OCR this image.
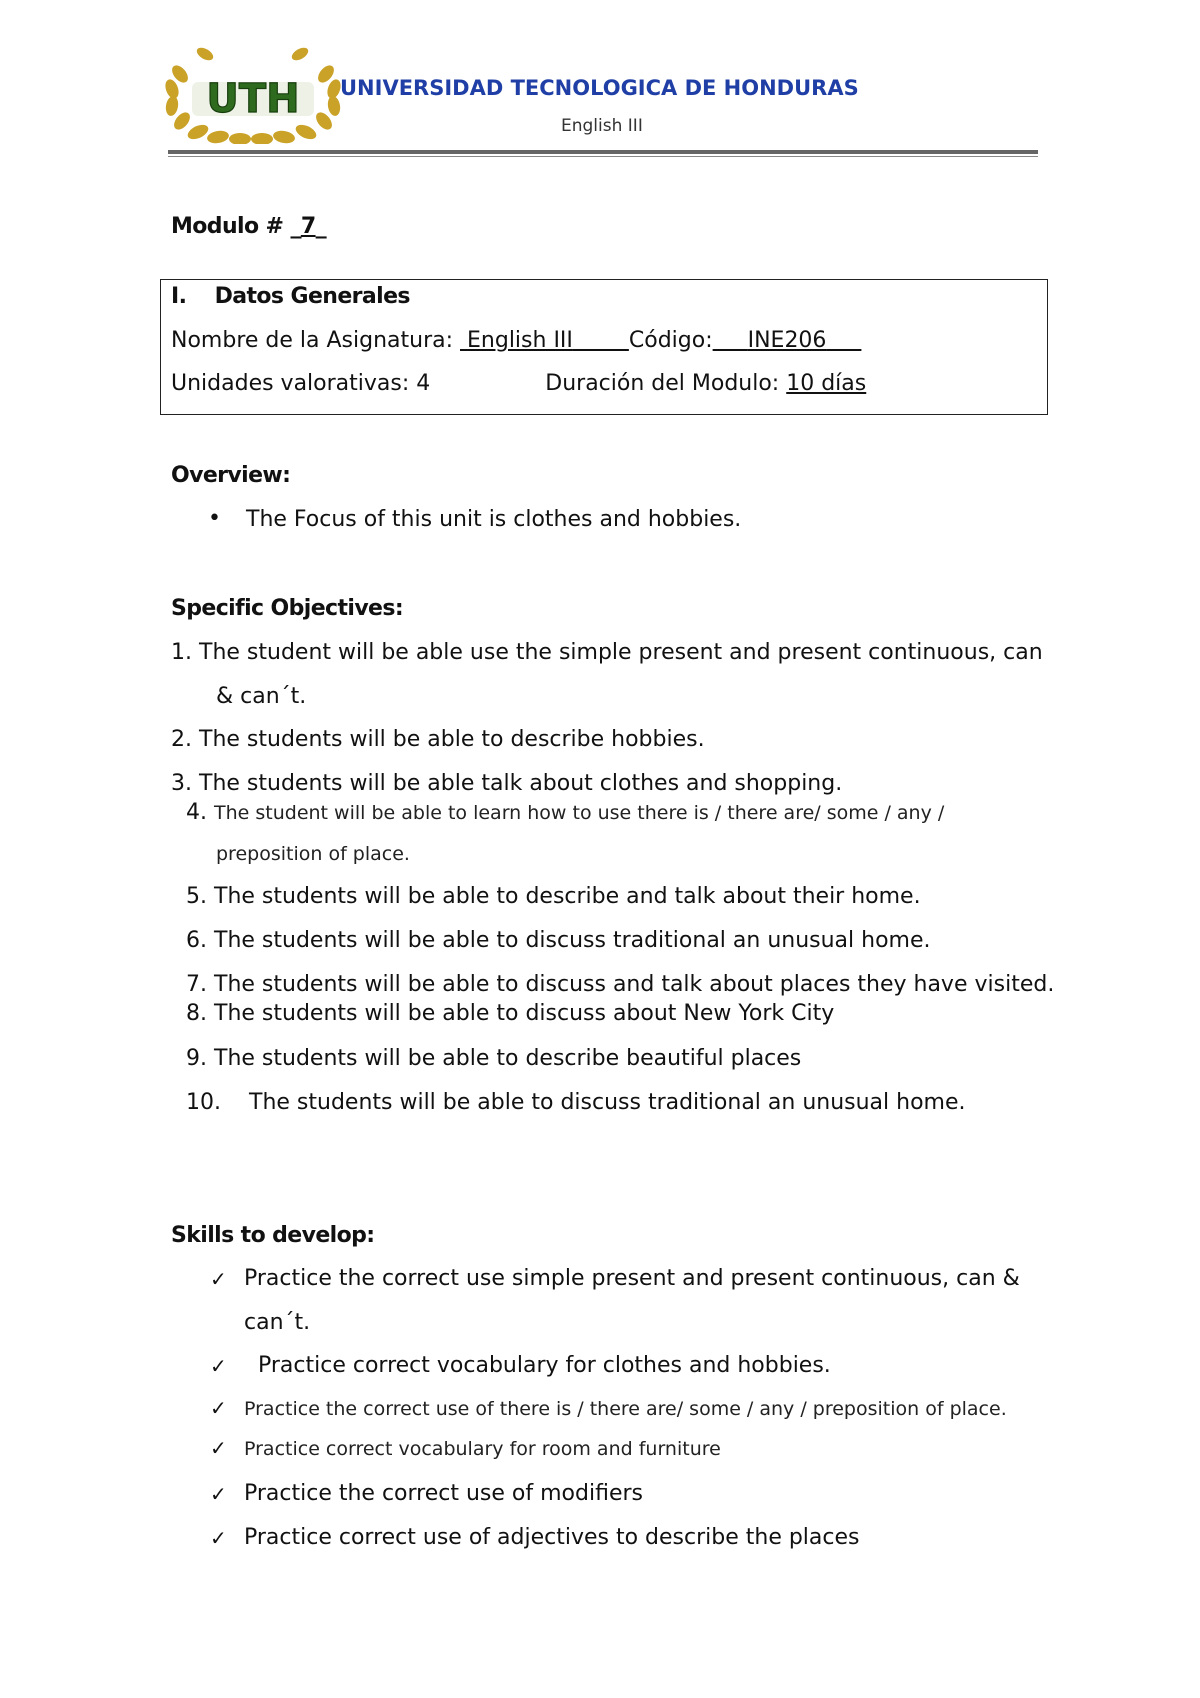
UTH UNIVERSIDAD TECNOLOGICA DE HONDURAS
English III
Modulo # _7_
I. Datos Generales
Nombre de la Asignatura: English III	Código: INE206
Unidades valorativas: 4	Duración del Modulo: 10 días
Overview:
• The Focus of this unit is clothes and hobbies.
Specific Objectives:
1. The student will be able use the simple present and present continuous, can
& can´t.
2. The students will be able to describe hobbies.
3. The students will be able talk about clothes and shopping.
4. The student will be able to learn how to use there is / there are/ some / any /
preposition of place.
5. The students will be able to describe and talk about their home.
6. The students will be able to discuss traditional an unusual home.
7. The students will be able to discuss and talk about places they have visited.
8. The students will be able to discuss about New York City
9. The students will be able to describe beautiful places
10. The students will be able to discuss traditional an unusual home.
Skills to develop:
✓ Practice the correct use simple present and present continuous, can &
can´t.
✓ Practice correct vocabulary for clothes and hobbies.
✓ Practice the correct use of there is / there are/ some / any / preposition of place.
✓ Practice correct vocabulary for room and furniture
✓ Practice the correct use of modifiers
✓ Practice correct use of adjectives to describe the places
